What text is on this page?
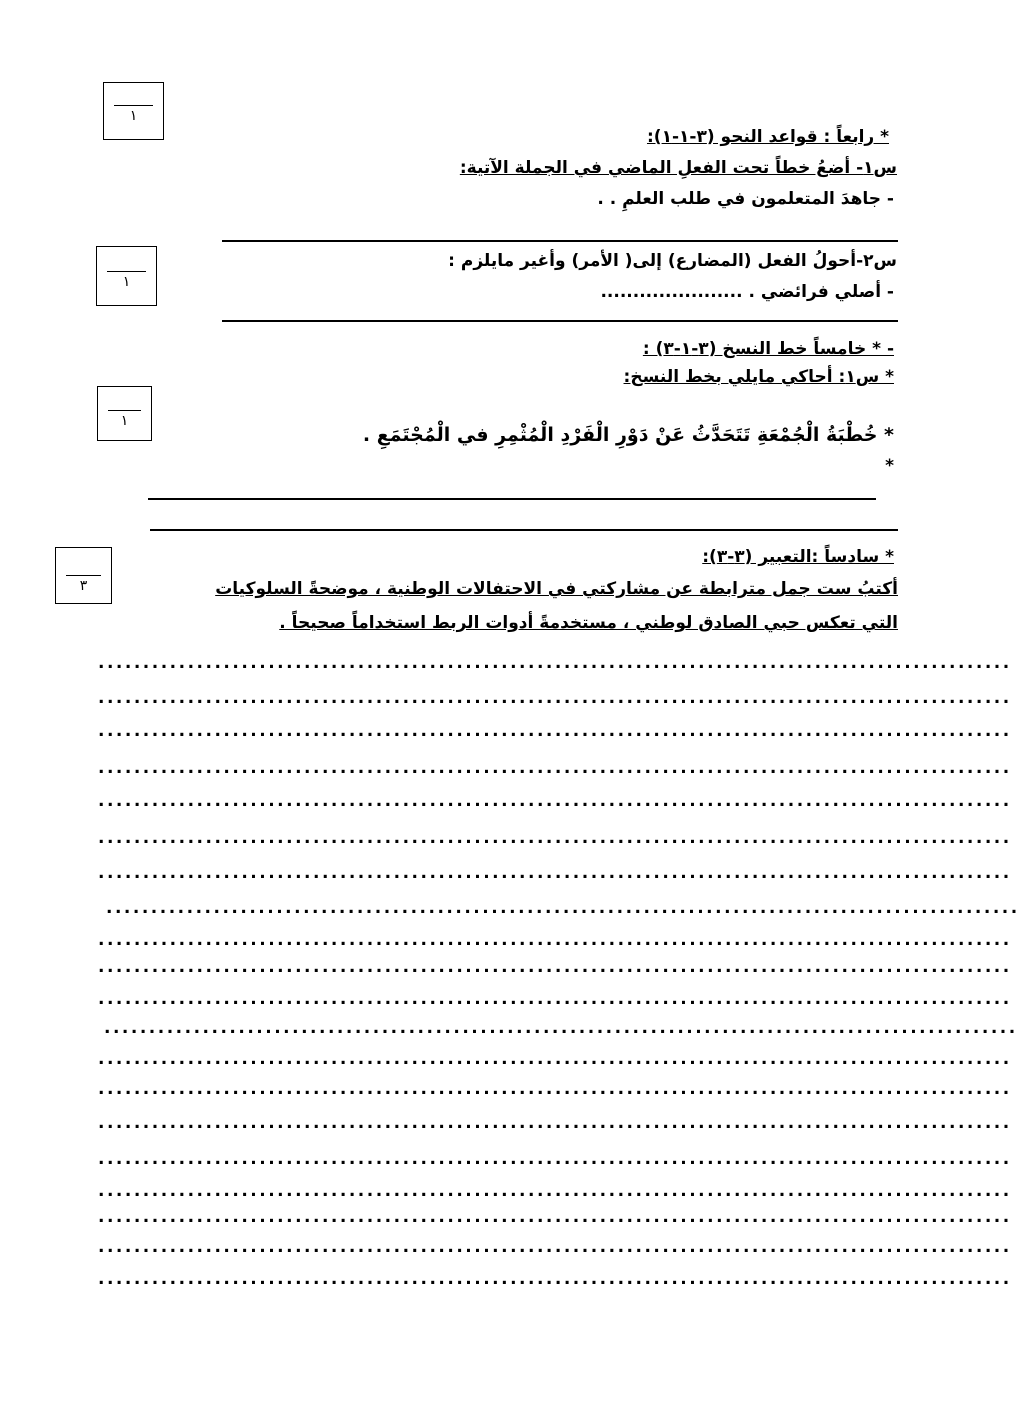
١
١
١
٣
* رابعاً : قواعد النحو (٣-١-١):
س١- أضعُ خطاً تحت الفعلِ الماضي في الجملة الآتية:
- جاهدَ المتعلمون في طلب العلمِ . .
س٢-أحولُ الفعل (المضارع) إلى( الأمر) وأغير مايلزم :
- أصلي فرائضي . ......................
- * خامساً خط النسخ (٣-١-٣) :
* س١: أحاكي مايلي بخط النسخ:
* خُطْبَةُ الْجُمْعَةِ تَتَحَدَّثُ عَنْ دَوْرِ الْفَرْدِ الْمُثْمِرِ في الْمُجْتَمَعِ .
*
* سادساً :التعبير (٣-٣):
أكتبُ ست جمل مترابطة عن مشاركتي في الاحتفالات الوطنية ، موضحةً السلوكيات
التي تعكس حبي الصادق لوطني ، مستخدمةً أدوات الربط استخداماً صحيحاً .
......................................................................................................
......................................................................................................
......................................................................................................
......................................................................................................
......................................................................................................
......................................................................................................
......................................................................................................
......................................................................................................
......................................................................................................
......................................................................................................
......................................................................................................
......................................................................................................
......................................................................................................
......................................................................................................
......................................................................................................
......................................................................................................
......................................................................................................
......................................................................................................
......................................................................................................
......................................................................................................
